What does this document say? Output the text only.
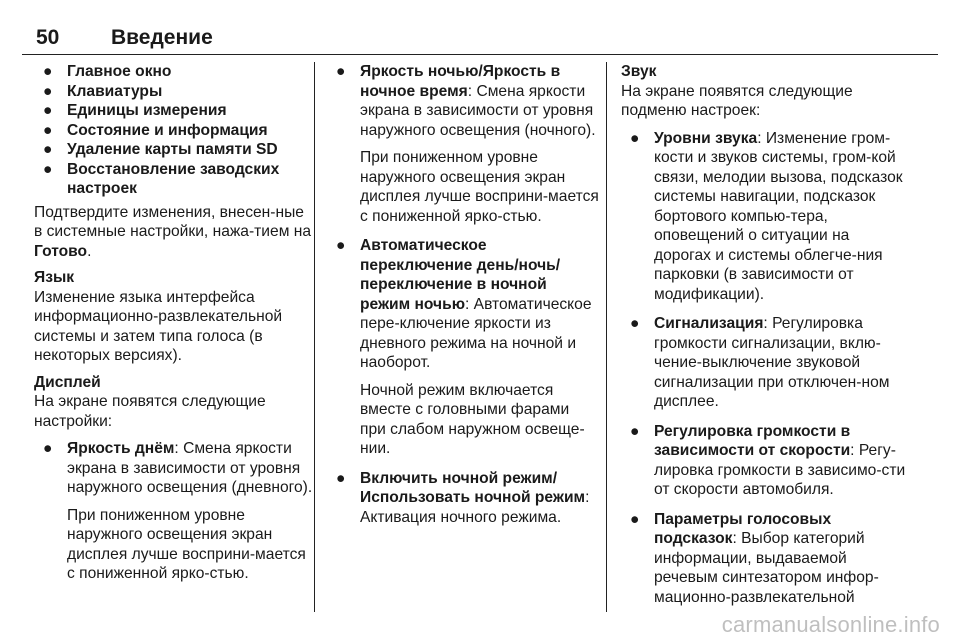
50 Введение

● Главное окно

● Клавиатуры

● Единицы измерения

● Состояние и информация

● Удаление карты памяти SD

● Восстановление заводских настроек

Подтвердите изменения, внесен-ные в системные настройки, нажа-тием на Готово.

Язык

Изменение языка интерфейса информационно-развлекательной системы и затем типа голоса (в некоторых версиях).

Дисплей

На экране появятся следующие настройки:

● Яркость днём: Смена яркости экрана в зависимости от уровня наружного освещения (дневного).

При пониженном уровне наружного освещения экран дисплея лучше восприни-мается с пониженной ярко-стью.

● Яркость ночью/Яркость в ночное время: Смена яркости экрана в зависимости от уровня наружного освещения (ночного).

При пониженном уровне наружного освещения экран дисплея лучше восприни-мается с пониженной ярко-стью.

● Автоматическое переключение день/ночь/ переключение в ночной режим ночью: Автоматическое пере-ключение яркости из дневного режима на ночной и наоборот.

Ночной режим включается вместе с головными фарами при слабом наружном освеще-нии.

● Включить ночной режим/ Использовать ночной режим: Активация ночного режима.

Звук

На экране появятся следующие подменю настроек:

● Уровни звука: Изменение гром-кости и звуков системы, гром-кой связи, мелодии вызова, подсказок системы навигации, подсказок бортового компью-тера, оповещений о ситуации на дорогах и системы облегче-ния парковки (в зависимости от модификации).

● Сигнализация: Регулировка громкости сигнализации, вклю-чение-выключение звуковой сигнализации при отключен-ном дисплее.

● Регулировка громкости в зависимости от скорости: Регу-лировка громкости в зависимо-сти от скорости автомобиля.

● Параметры голосовых подсказок: Выбор категорий информации, выдаваемой речевым синтезатором инфор-мационно-развлекательной

carmanualsonline.info
